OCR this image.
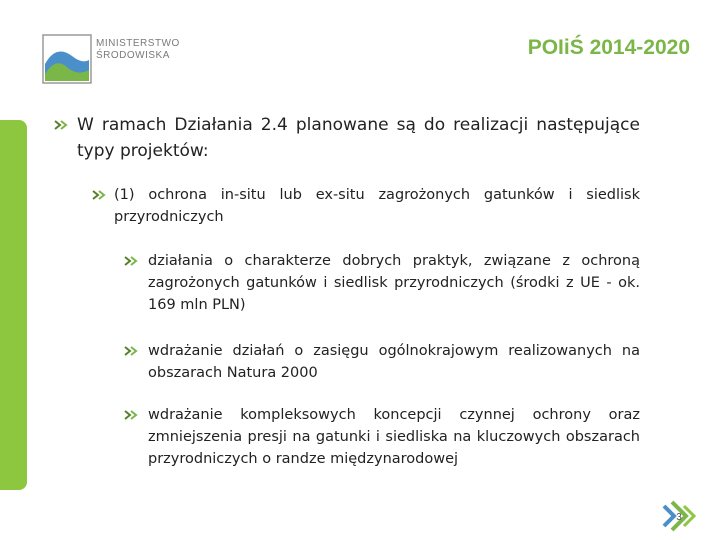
MINISTERSTWO
ŚRODOWISKA	POIiŚ 2014-2020
W ramach Działania 2.4 planowane są do realizacji następujące typy projektów:
(1) ochrona in-situ lub ex-situ zagrożonych gatunków i siedlisk przyrodniczych
działania o charakterze dobrych praktyk, związane z ochroną zagrożonych gatunków i siedlisk przyrodniczych (środki z UE - ok. 169 mln PLN)
wdrażanie działań o zasięgu ogólnokrajowym realizowanych na obszarach Natura 2000
wdrażanie kompleksowych koncepcji czynnej ochrony oraz zmniejszenia presji na gatunki i siedliska na kluczowych obszarach przyrodniczych o randze międzynarodowej
3
